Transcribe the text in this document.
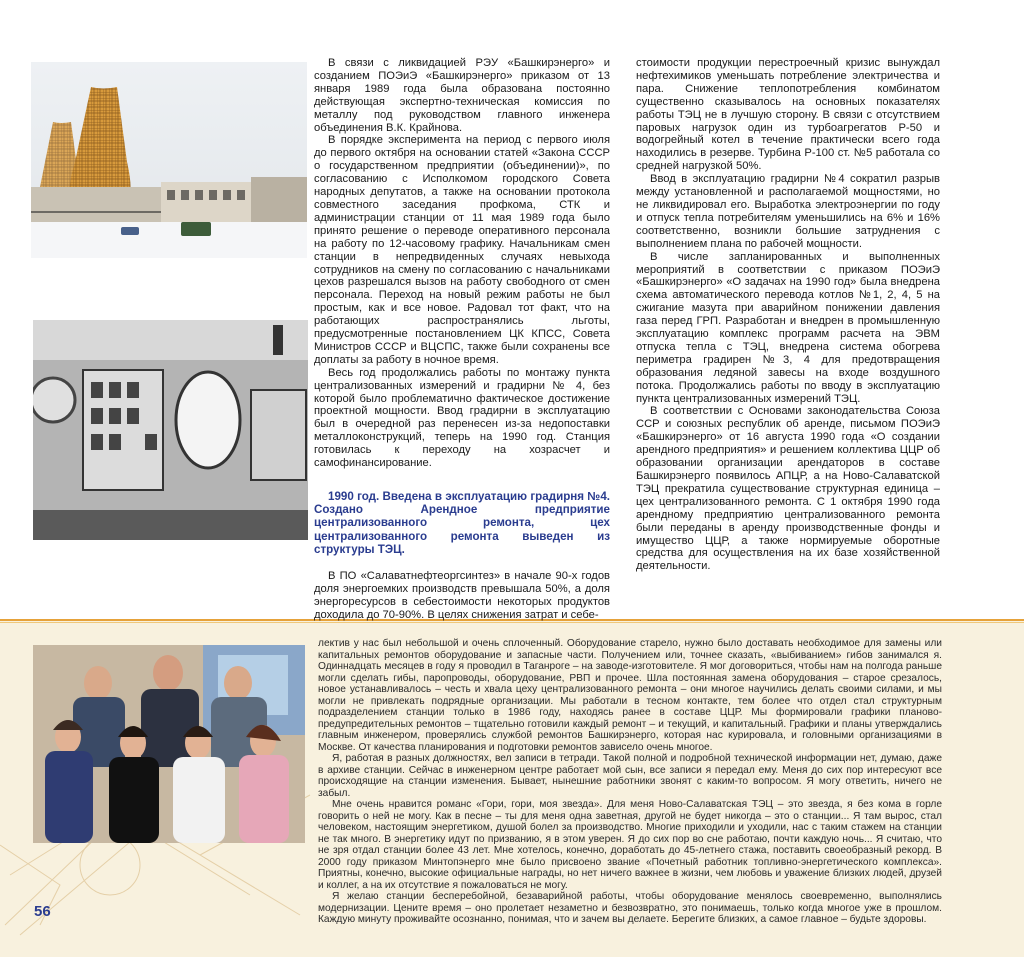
В связи с ликвидацией РЭУ «Башкирэнерго» и созданием ПОЭиЭ «Башкирэнерго» приказом от 13 января 1989 года была образована постоянно действующая экспертно-техническая комиссия по металлу под руководством главного инженера объединения В.К. Крайнова.

В порядке эксперимента на период с первого июля до первого октября на основании статей «Закона СССР о государственном предприятии (объединении)», по согласованию с Исполкомом городского Совета народных депутатов, а также на основании протокола совместного заседания профкома, СТК и администрации станции от 11 мая 1989 года было принято решение о переводе оперативного персонала на работу по 12-часовому графику. Начальникам смен станции в непредвиденных случаях невыхода сотрудников на смену по согласованию с начальниками цехов разрешался вызов на работу свободного от смен персонала. Переход на новый режим работы не был простым, как и все новое. Радовал тот факт, что на работающих распространялись льготы, предусмотренные постановлением ЦК КПСС, Совета Министров СССР и ВЦСПС, также были сохранены все доплаты за работу в ночное время.

Весь год продолжались работы по монтажу пункта централизованных измерений и градирни № 4, без которой было проблематично фактическое достижение проектной мощности. Ввод градирни в эксплуатацию был в очередной раз перенесен из-за недопоставки металлоконструкций, теперь на 1990 год. Станция готовилась к переходу на хозрасчет и самофинансирование.

1990 год. Введена в эксплуатацию градирня №4. Создано Арендное предприятие централизованного ремонта, цех централизованного ремонта выведен из структуры ТЭЦ.

В ПО «Салаватнефтеоргсинтез» в начале 90-х годов доля энергоемких производств превышала 50%, а доля энергоресурсов в себестоимости некоторых продуктов доходила до 70-90%. В целях снижения затрат и себе-

стоимости продукции перестроечный кризис вынуждал нефтехимиков уменьшать потребление электричества и пара. Снижение теплопотребления комбинатом существенно сказывалось на основных показателях работы ТЭЦ не в лучшую сторону. В связи с отсутствием паровых нагрузок один из турбоагрегатов Р-50 и водогрейный котел в течение практически всего года находились в резерве. Турбина Р-100 ст. №5 работала со средней нагрузкой 50%.

Ввод в эксплуатацию градирни №4 сократил разрыв между установленной и располагаемой мощностями, но не ликвидировал его. Выработка электроэнергии по году и отпуск тепла потребителям уменьшились на 6% и 16% соответственно, возникли большие затруднения с выполнением плана по рабочей мощности.

В числе запланированных и выполненных мероприятий в соответствии с приказом ПОЭиЭ «Башкирэнерго» «О задачах на 1990 год» была внедрена схема автоматического перевода котлов №1, 2, 4, 5 на сжигание мазута при аварийном понижении давления газа перед ГРП. Разработан и внедрен в промышленную эксплуатацию комплекс программ расчета на ЭВМ отпуска тепла с ТЭЦ, внедрена система обогрева периметра градирен №3, 4 для предотвращения образования ледяной завесы на входе воздушного потока. Продолжались работы по вводу в эксплуатацию пункта централизованных измерений ТЭЦ.

В соответствии с Основами законодательства Союза ССР и союзных республик об аренде, письмом ПОЭиЭ «Башкирэнерго» от 16 августа 1990 года «О создании арендного предприятия» и решением коллектива ЦЦР об образовании организации арендаторов в составе Башкирэнерго появилось АПЦР, а на Ново-Салаватской ТЭЦ прекратила существование структурная единица – цех централизованного ремонта. С 1 октября 1990 года арендному предприятию централизованного ремонта были переданы в аренду производственные фонды и имущество ЦЦР, а также нормируемые оборотные средства для осуществления на их базе хозяйственной деятельности.

лектив у нас был небольшой и очень сплоченный. Оборудование старело, нужно было доставать необходимое для замены или капитальных ремонтов оборудование и запасные части. Получением или, точнее сказать, «выбиванием» гибов занимался я. Одиннадцать месяцев в году я проводил в Таганроге – на заводе-изготовителе. Я мог договориться, чтобы нам на полгода раньше могли сделать гибы, паропроводы, оборудование, РВП и прочее. Шла постоянная замена оборудования – старое срезалось, новое устанавливалось – честь и хвала цеху централизованного ремонта – они многое научились делать своими силами, и мы могли не привлекать подрядные организации. Мы работали в тесном контакте, тем более что отдел стал структурным подразделением станции только в 1986 году, находясь ранее в составе ЦЦР. Мы формировали графики планово-предупредительных ремонтов – тщательно готовили каждый ремонт – и текущий, и капитальный. Графики и планы утверждались главным инженером, проверялись службой ремонтов Башкирэнерго, которая нас курировала, и головными организациями в Москве. От качества планирования и подготовки ремонтов зависело очень многое.

Я, работая в разных должностях, вел записи в тетради. Такой полной и подробной технической информации нет, думаю, даже в архиве станции. Сейчас в инженерном центре работает мой сын, все записи я передал ему. Меня до сих пор интересуют все происходящие на станции изменения. Бывает, нынешние работники звонят с каким-то вопросом. Я могу ответить, ничего не забыл.

Мне очень нравится романс «Гори, гори, моя звезда». Для меня Ново-Салаватская ТЭЦ – это звезда, я без кома в горле говорить о ней не могу. Как в песне – ты для меня одна заветная, другой не будет никогда – это о станции... Я там вырос, стал человеком, настоящим энергетиком, душой болел за производство. Многие приходили и уходили, нас с таким стажем на станции не так много. В энергетику идут по призванию, я в этом уверен. Я до сих пор во сне работаю, почти каждую ночь... Я считаю, что не зря отдал станции более 43 лет. Мне хотелось, конечно, доработать до 45-летнего стажа, поставить своеобразный рекорд. В 2000 году приказом Минтопэнерго мне было присвоено звание «Почетный работник топливно-энергетического комплекса». Приятны, конечно, высокие официальные награды, но нет ничего важнее в жизни, чем любовь и уважение близких людей, друзей и коллег, а на их отсутствие я пожаловаться не могу.

Я желаю станции бесперебойной, безаварийной работы, чтобы оборудование менялось своевременно, выполнялись модернизации. Цените время – оно пролетает незаметно и безвозвратно, это понимаешь, только когда многое уже в прошлом. Каждую минуту проживайте осознанно, понимая, что и зачем вы делаете. Берегите близких, а самое главное – будьте здоровы.

56
